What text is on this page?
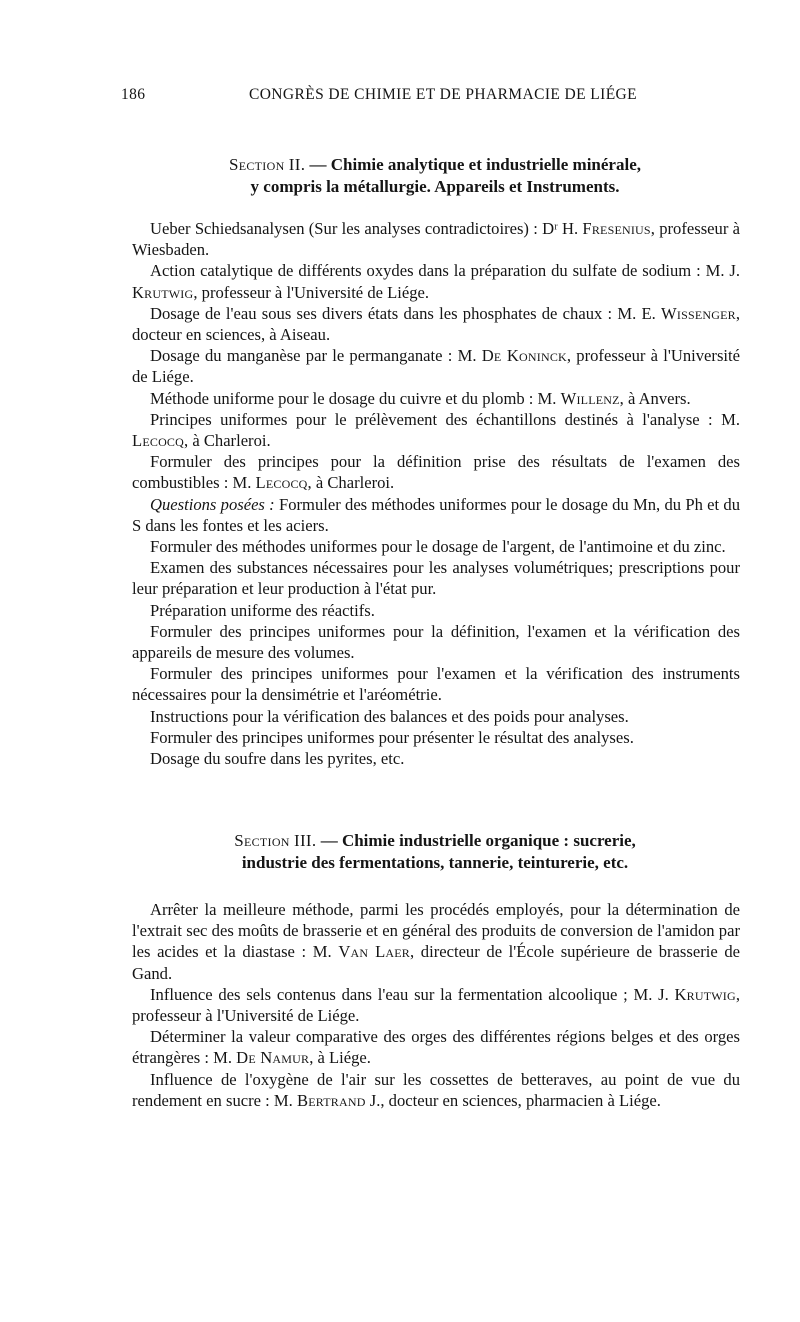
186	CONGRÈS DE CHIMIE ET DE PHARMACIE DE LIÉGE
Section II. — Chimie analytique et industrielle minérale,
y compris la métallurgie. Appareils et Instruments.

Ueber Schiedsanalysen (Sur les analyses contradictoires) : Dʳ H. Fresenius, professeur à Wiesbaden.

Action catalytique de différents oxydes dans la préparation du sulfate de sodium : M. J. Krutwig, professeur à l'Université de Liége.

Dosage de l'eau sous ses divers états dans les phosphates de chaux : M. E. Wissenger, docteur en sciences, à Aiseau.

Dosage du manganèse par le permanganate : M. De Koninck, professeur à l'Université de Liége.

Méthode uniforme pour le dosage du cuivre et du plomb : M. Willenz, à Anvers.

Principes uniformes pour le prélèvement des échantillons destinés à l'analyse : M. Lecocq, à Charleroi.

Formuler des principes pour la définition prise des résultats de l'examen des combustibles : M. Lecocq, à Charleroi.

Questions posées : Formuler des méthodes uniformes pour le dosage du Mn, du Ph et du S dans les fontes et les aciers.

Formuler des méthodes uniformes pour le dosage de l'argent, de l'antimoine et du zinc.

Examen des substances nécessaires pour les analyses volumétriques; prescriptions pour leur préparation et leur production à l'état pur.

Préparation uniforme des réactifs.

Formuler des principes uniformes pour la définition, l'examen et la vérification des appareils de mesure des volumes.

Formuler des principes uniformes pour l'examen et la vérification des instruments nécessaires pour la densimétrie et l'aréométrie.

Instructions pour la vérification des balances et des poids pour analyses.

Formuler des principes uniformes pour présenter le résultat des analyses.

Dosage du soufre dans les pyrites, etc.

Section III. — Chimie industrielle organique : sucrerie,
industrie des fermentations, tannerie, teinturerie, etc.

Arrêter la meilleure méthode, parmi les procédés employés, pour la détermination de l'extrait sec des moûts de brasserie et en général des produits de conversion de l'amidon par les acides et la diastase : M. Van Laer, directeur de l'École supérieure de brasserie de Gand.

Influence des sels contenus dans l'eau sur la fermentation alcoolique ; M. J. Krutwig, professeur à l'Université de Liége.

Déterminer la valeur comparative des orges des différentes régions belges et des orges étrangères : M. De Namur, à Liége.

Influence de l'oxygène de l'air sur les cossettes de betteraves, au point de vue du rendement en sucre : M. Bertrand J., docteur en sciences, pharmacien à Liége.
